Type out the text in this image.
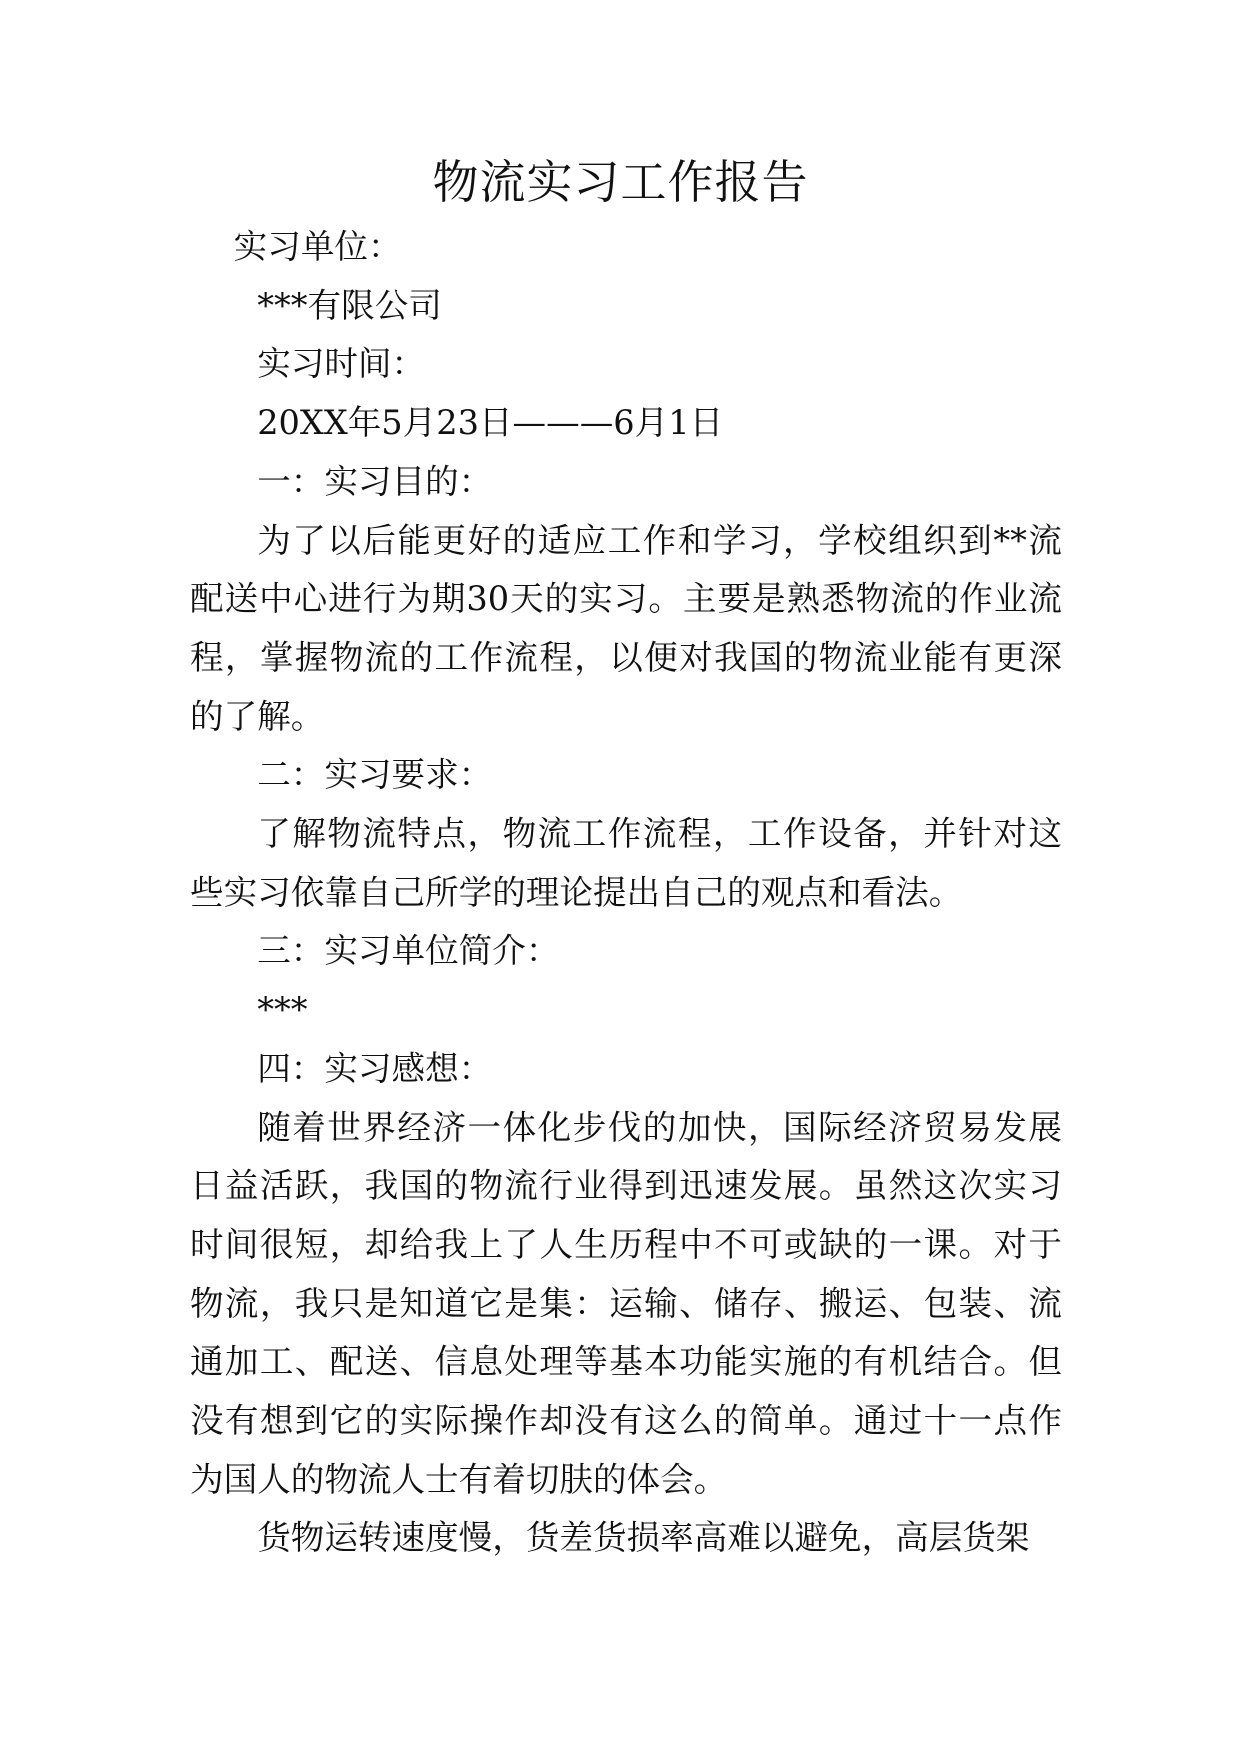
物流实习工作报告

实习单位：

***有限公司

实习时间：

20XX年5月23日———6月1日

一：实习目的：

为了以后能更好的适应工作和学习，学校组织到**流配送中心进行为期30天的实习。主要是熟悉物流的作业流程，掌握物流的工作流程，以便对我国的物流业能有更深的了解。

二：实习要求：

了解物流特点，物流工作流程，工作设备，并针对这些实习依靠自己所学的理论提出自己的观点和看法。

三：实习单位简介：

***

四：实习感想：

随着世界经济一体化步伐的加快，国际经济贸易发展日益活跃，我国的物流行业得到迅速发展。虽然这次实习时间很短，却给我上了人生历程中不可或缺的一课。对于物流，我只是知道它是集：运输、储存、搬运、包装、流通加工、配送、信息处理等基本功能实施的有机结合。但没有想到它的实际操作却没有这么的简单。通过十一点作为国人的物流人士有着切肤的体会。

货物运转速度慢，货差货损率高难以避免，高层货架
